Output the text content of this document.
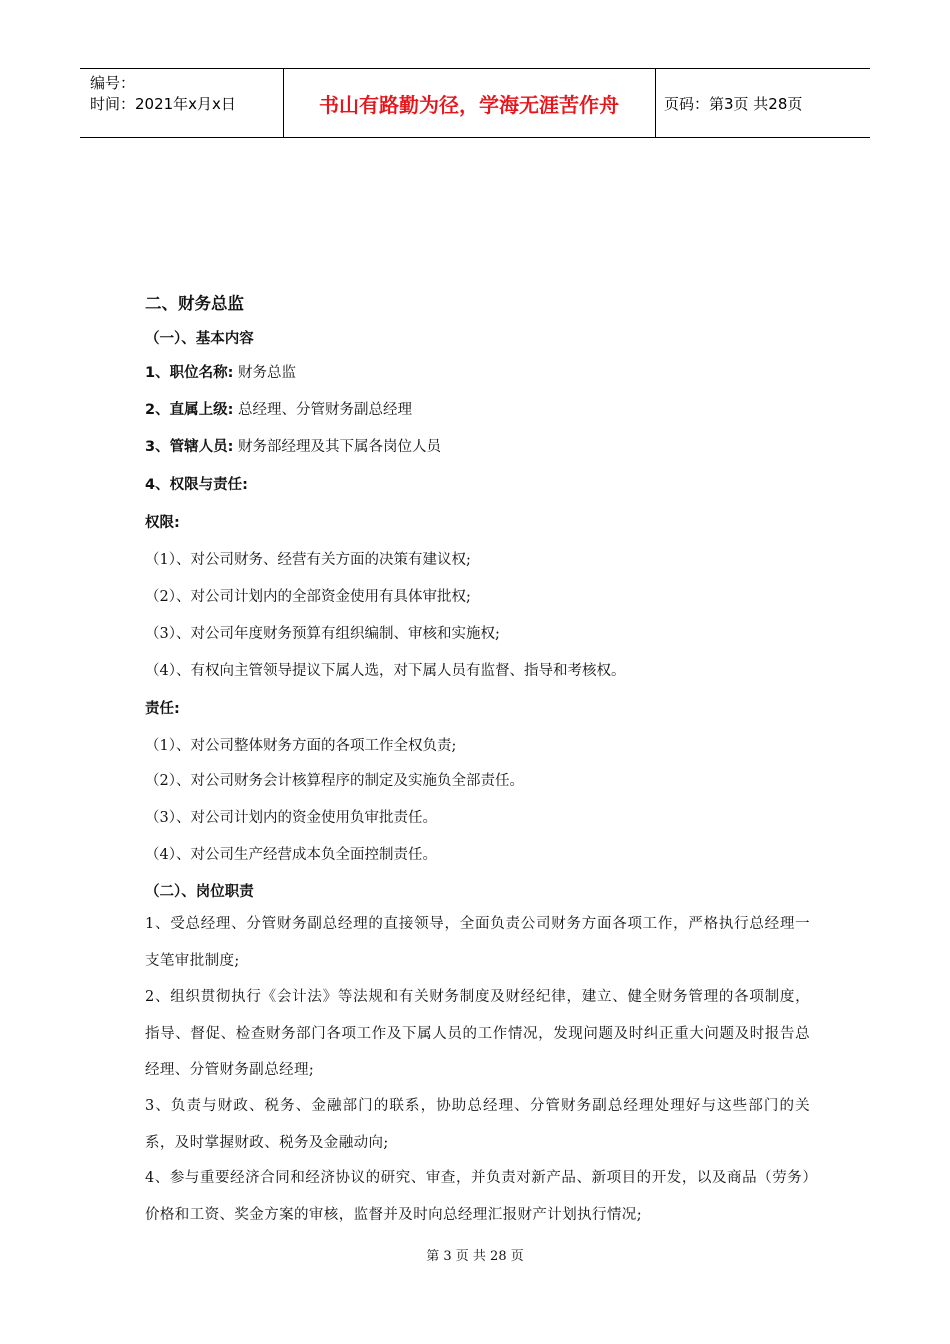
编号：
时间：2021年x月x日	书山有路勤为径，学海无涯苦作舟	页码：第3页 共28页
二、财务总监
（一）、基本内容
1、职位名称: 财务总监
2、直属上级: 总经理、分管财务副总经理
3、管辖人员: 财务部经理及其下属各岗位人员
4、权限与责任:
权限:
（1）、对公司财务、经营有关方面的决策有建议权;
（2）、对公司计划内的全部资金使用有具体审批权;
（3）、对公司年度财务预算有组织编制、审核和实施权;
（4）、有权向主管领导提议下属人选，对下属人员有监督、指导和考核权。
责任:
（1）、对公司整体财务方面的各项工作全权负责;
（2）、对公司财务会计核算程序的制定及实施负全部责任。
（3）、对公司计划内的资金使用负审批责任。
（4）、对公司生产经营成本负全面控制责任。
（二）、岗位职责
1、受总经理、分管财务副总经理的直接领导，全面负责公司财务方面各项工作，严格执行总经理一支笔审批制度;
2、组织贯彻执行《会计法》等法规和有关财务制度及财经纪律，建立、健全财务管理的各项制度，指导、督促、检查财务部门各项工作及下属人员的工作情况，发现问题及时纠正重大问题及时报告总经理、分管财务副总经理;
3、负责与财政、税务、金融部门的联系，协助总经理、分管财务副总经理处理好与这些部门的关系，及时掌握财政、税务及金融动向;
4、参与重要经济合同和经济协议的研究、审查，并负责对新产品、新项目的开发，以及商品（劳务）价格和工资、奖金方案的审核，监督并及时向总经理汇报财产计划执行情况;
第 3 页 共 28 页
